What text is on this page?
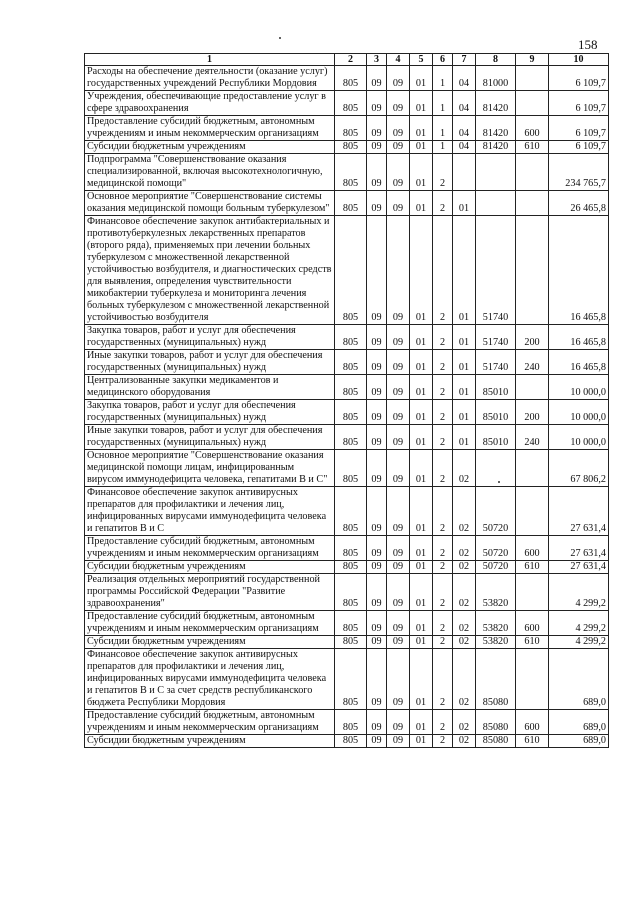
158
1	2	3	4	5	6	7	8	9	10
Расходы на обеспечение деятельности (оказание услуг) государственных учреждений Республики Мордовия	805	09	09	01	1	04	81000		6 109,7
Учреждения, обеспечивающие предоставление услуг в сфере здравоохранения	805	09	09	01	1	04	81420		6 109,7
Предоставление субсидий бюджетным, автономным учреждениям и иным некоммерческим организациям	805	09	09	01	1	04	81420	600	6 109,7
Субсидии бюджетным учреждениям	805	09	09	01	1	04	81420	610	6 109,7
Подпрограмма "Совершенствование оказания специализированной, включая высокотехнологичную, медицинской помощи"	805	09	09	01	2				234 765,7
Основное мероприятие "Совершенствование системы оказания медицинской помощи больным туберкулезом"	805	09	09	01	2	01			26 465,8
Финансовое обеспечение закупок антибактериальных и противотуберкулезных лекарственных препаратов (второго ряда), применяемых при лечении больных туберкулезом с множественной лекарственной устойчивостью возбудителя, и диагностических средств для выявления, определения чувствительности микобактерии туберкулеза и мониторинга лечения больных туберкулезом с множественной лекарственной устойчивостью возбудителя	805	09	09	01	2	01	51740		16 465,8
Закупка товаров, работ и услуг для обеспечения государственных (муниципальных) нужд	805	09	09	01	2	01	51740	200	16 465,8
Иные закупки товаров, работ и услуг для обеспечения государственных (муниципальных) нужд	805	09	09	01	2	01	51740	240	16 465,8
Централизованные закупки медикаментов и медицинского оборудования	805	09	09	01	2	01	85010		10 000,0
Закупка товаров, работ и услуг для обеспечения государственных (муниципальных) нужд	805	09	09	01	2	01	85010	200	10 000,0
Иные закупки товаров, работ и услуг для обеспечения государственных (муниципальных) нужд	805	09	09	01	2	01	85010	240	10 000,0
Основное мероприятие "Совершенствование оказания медицинской помощи лицам, инфицированным вирусом иммунодефицита человека, гепатитами B и C"	805	09	09	01	2	02			67 806,2
Финансовое обеспечение закупок антивирусных препаратов для профилактики и лечения лиц, инфицированных вирусами иммунодефицита человека и гепатитов B и C	805	09	09	01	2	02	50720		27 631,4
Предоставление субсидий бюджетным, автономным учреждениям и иным некоммерческим организациям	805	09	09	01	2	02	50720	600	27 631,4
Субсидии бюджетным учреждениям	805	09	09	01	2	02	50720	610	27 631,4
Реализация отдельных мероприятий государственной программы Российской Федерации "Развитие здравоохранения"	805	09	09	01	2	02	53820		4 299,2
Предоставление субсидий бюджетным, автономным учреждениям и иным некоммерческим организациям	805	09	09	01	2	02	53820	600	4 299,2
Субсидии бюджетным учреждениям	805	09	09	01	2	02	53820	610	4 299,2
Финансовое обеспечение закупок антивирусных препаратов для профилактики и лечения лиц, инфицированных вирусами иммунодефицита человека и гепатитов B и C за счет средств республиканского бюджета Республики Мордовия	805	09	09	01	2	02	85080		689,0
Предоставление субсидий бюджетным, автономным учреждениям и иным некоммерческим организациям	805	09	09	01	2	02	85080	600	689,0
Субсидии бюджетным учреждениям	805	09	09	01	2	02	85080	610	689,0
